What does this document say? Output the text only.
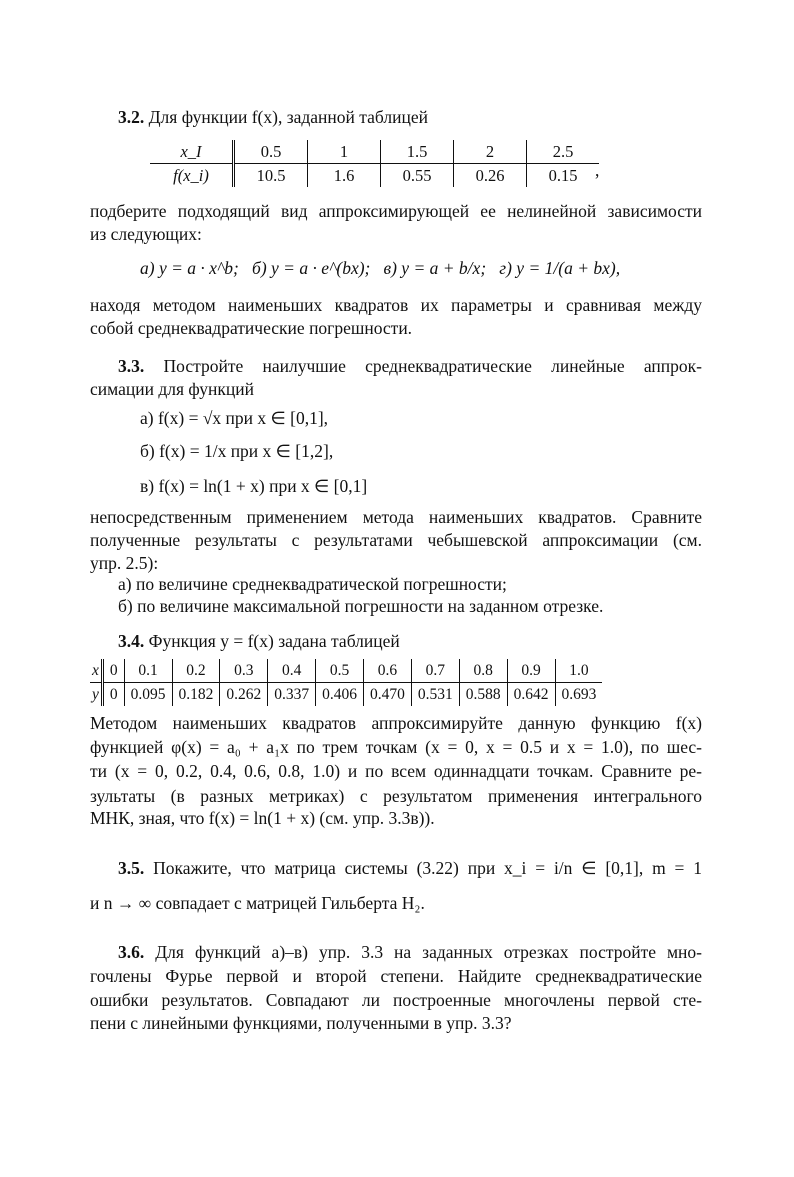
3.2. Для функции f(x), заданной таблицей
x_I	0.5	1	1.5	2	2.5
f(x_i)	10.5	1.6	0.55	0.26	0.15 ,
подберите подходящий вид аппроксимирующей ее нелинейной зависимости
из следующих:
а) y = a · x^b; б) y = a · e^(bx); в) y = a + b/x; г) y = 1/(a + bx),
находя методом наименьших квадратов их параметры и сравнивая между
собой среднеквадратические погрешности.
3.3. Постройте наилучшие среднеквадратические линейные аппрок-
симации для функций
а) f(x) = √x при x ∈ [0,1],
б) f(x) = 1/x при x ∈ [1,2],
в) f(x) = ln(1 + x) при x ∈ [0,1]
непосредственным применением метода наименьших квадратов. Сравните
полученные результаты с результатами чебышевской аппроксимации (см.
упр. 2.5):
а) по величине среднеквадратической погрешности;
б) по величине максимальной погрешности на заданном отрезке.
3.4. Функция y = f(x) задана таблицей
x	0	0.1	0.2	0.3	0.4	0.5	0.6	0.7	0.8	0.9	1.0
y	0	0.095	0.182	0.262	0.337	0.406	0.470	0.531	0.588	0.642	0.693
Методом наименьших квадратов аппроксимируйте данную функцию f(x)
функцией φ(x) = a₀ + a₁x по трем точкам (x = 0, x = 0.5 и x = 1.0), по шес-
ти (x = 0, 0.2, 0.4, 0.6, 0.8, 1.0) и по всем одиннадцати точкам. Сравните ре-
зультаты (в разных метриках) с результатом применения интегрального
МНК, зная, что f(x) = ln(1 + x) (см. упр. 3.3в)).
3.5. Покажите, что матрица системы (3.22) при x_i = i/n ∈ [0,1], m = 1
и n → ∞ совпадает с матрицей Гильберта H₂.
3.6. Для функций а)–в) упр. 3.3 на заданных отрезках постройте мно-
гочлены Фурье первой и второй степени. Найдите среднеквадратические
ошибки результатов. Совпадают ли построенные многочлены первой сте-
пени с линейными функциями, полученными в упр. 3.3?
